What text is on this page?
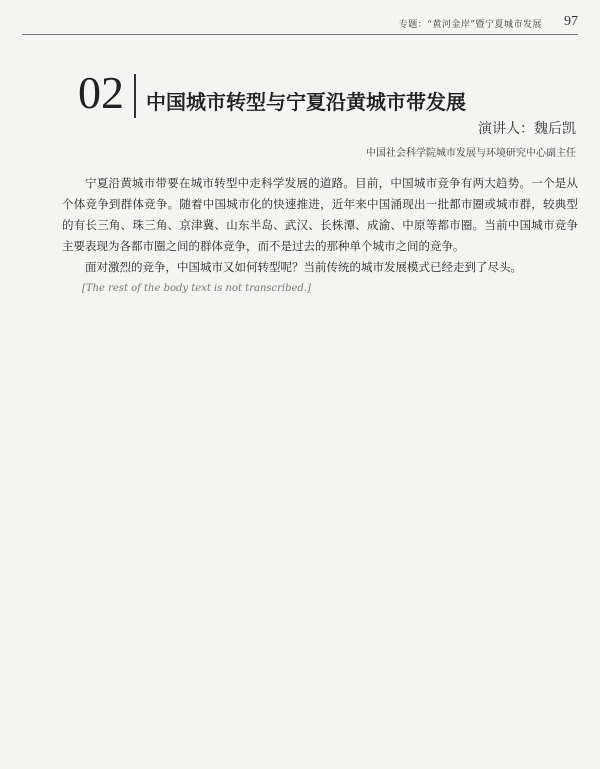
专题：“黄河金岸”暨宁夏城市发展 97
02 中国城市转型与宁夏沿黄城市带发展
演讲人：魏后凯
中国社会科学院城市发展与环境研究中心副主任

宁夏沿黄城市带要在城市转型中走科学发展的道路。目前，中国城市竞争有两大趋势。一个是从个体竞争到群体竞争。随着中国城市化的快速推进，近年来中国涌现出一批都市圈或城市群，较典型的有长三角、珠三角、京津冀、山东半岛、武汉、长株潭、成渝、中原等都市圈。当前中国城市竞争主要表现为各都市圈之间的群体竞争，而不是过去的那种单个城市之间的竞争。

面对激烈的竞争，中国城市又如何转型呢？当前传统的城市发展模式已经走到了尽头。

[The rest of the body text is not transcribed.]
